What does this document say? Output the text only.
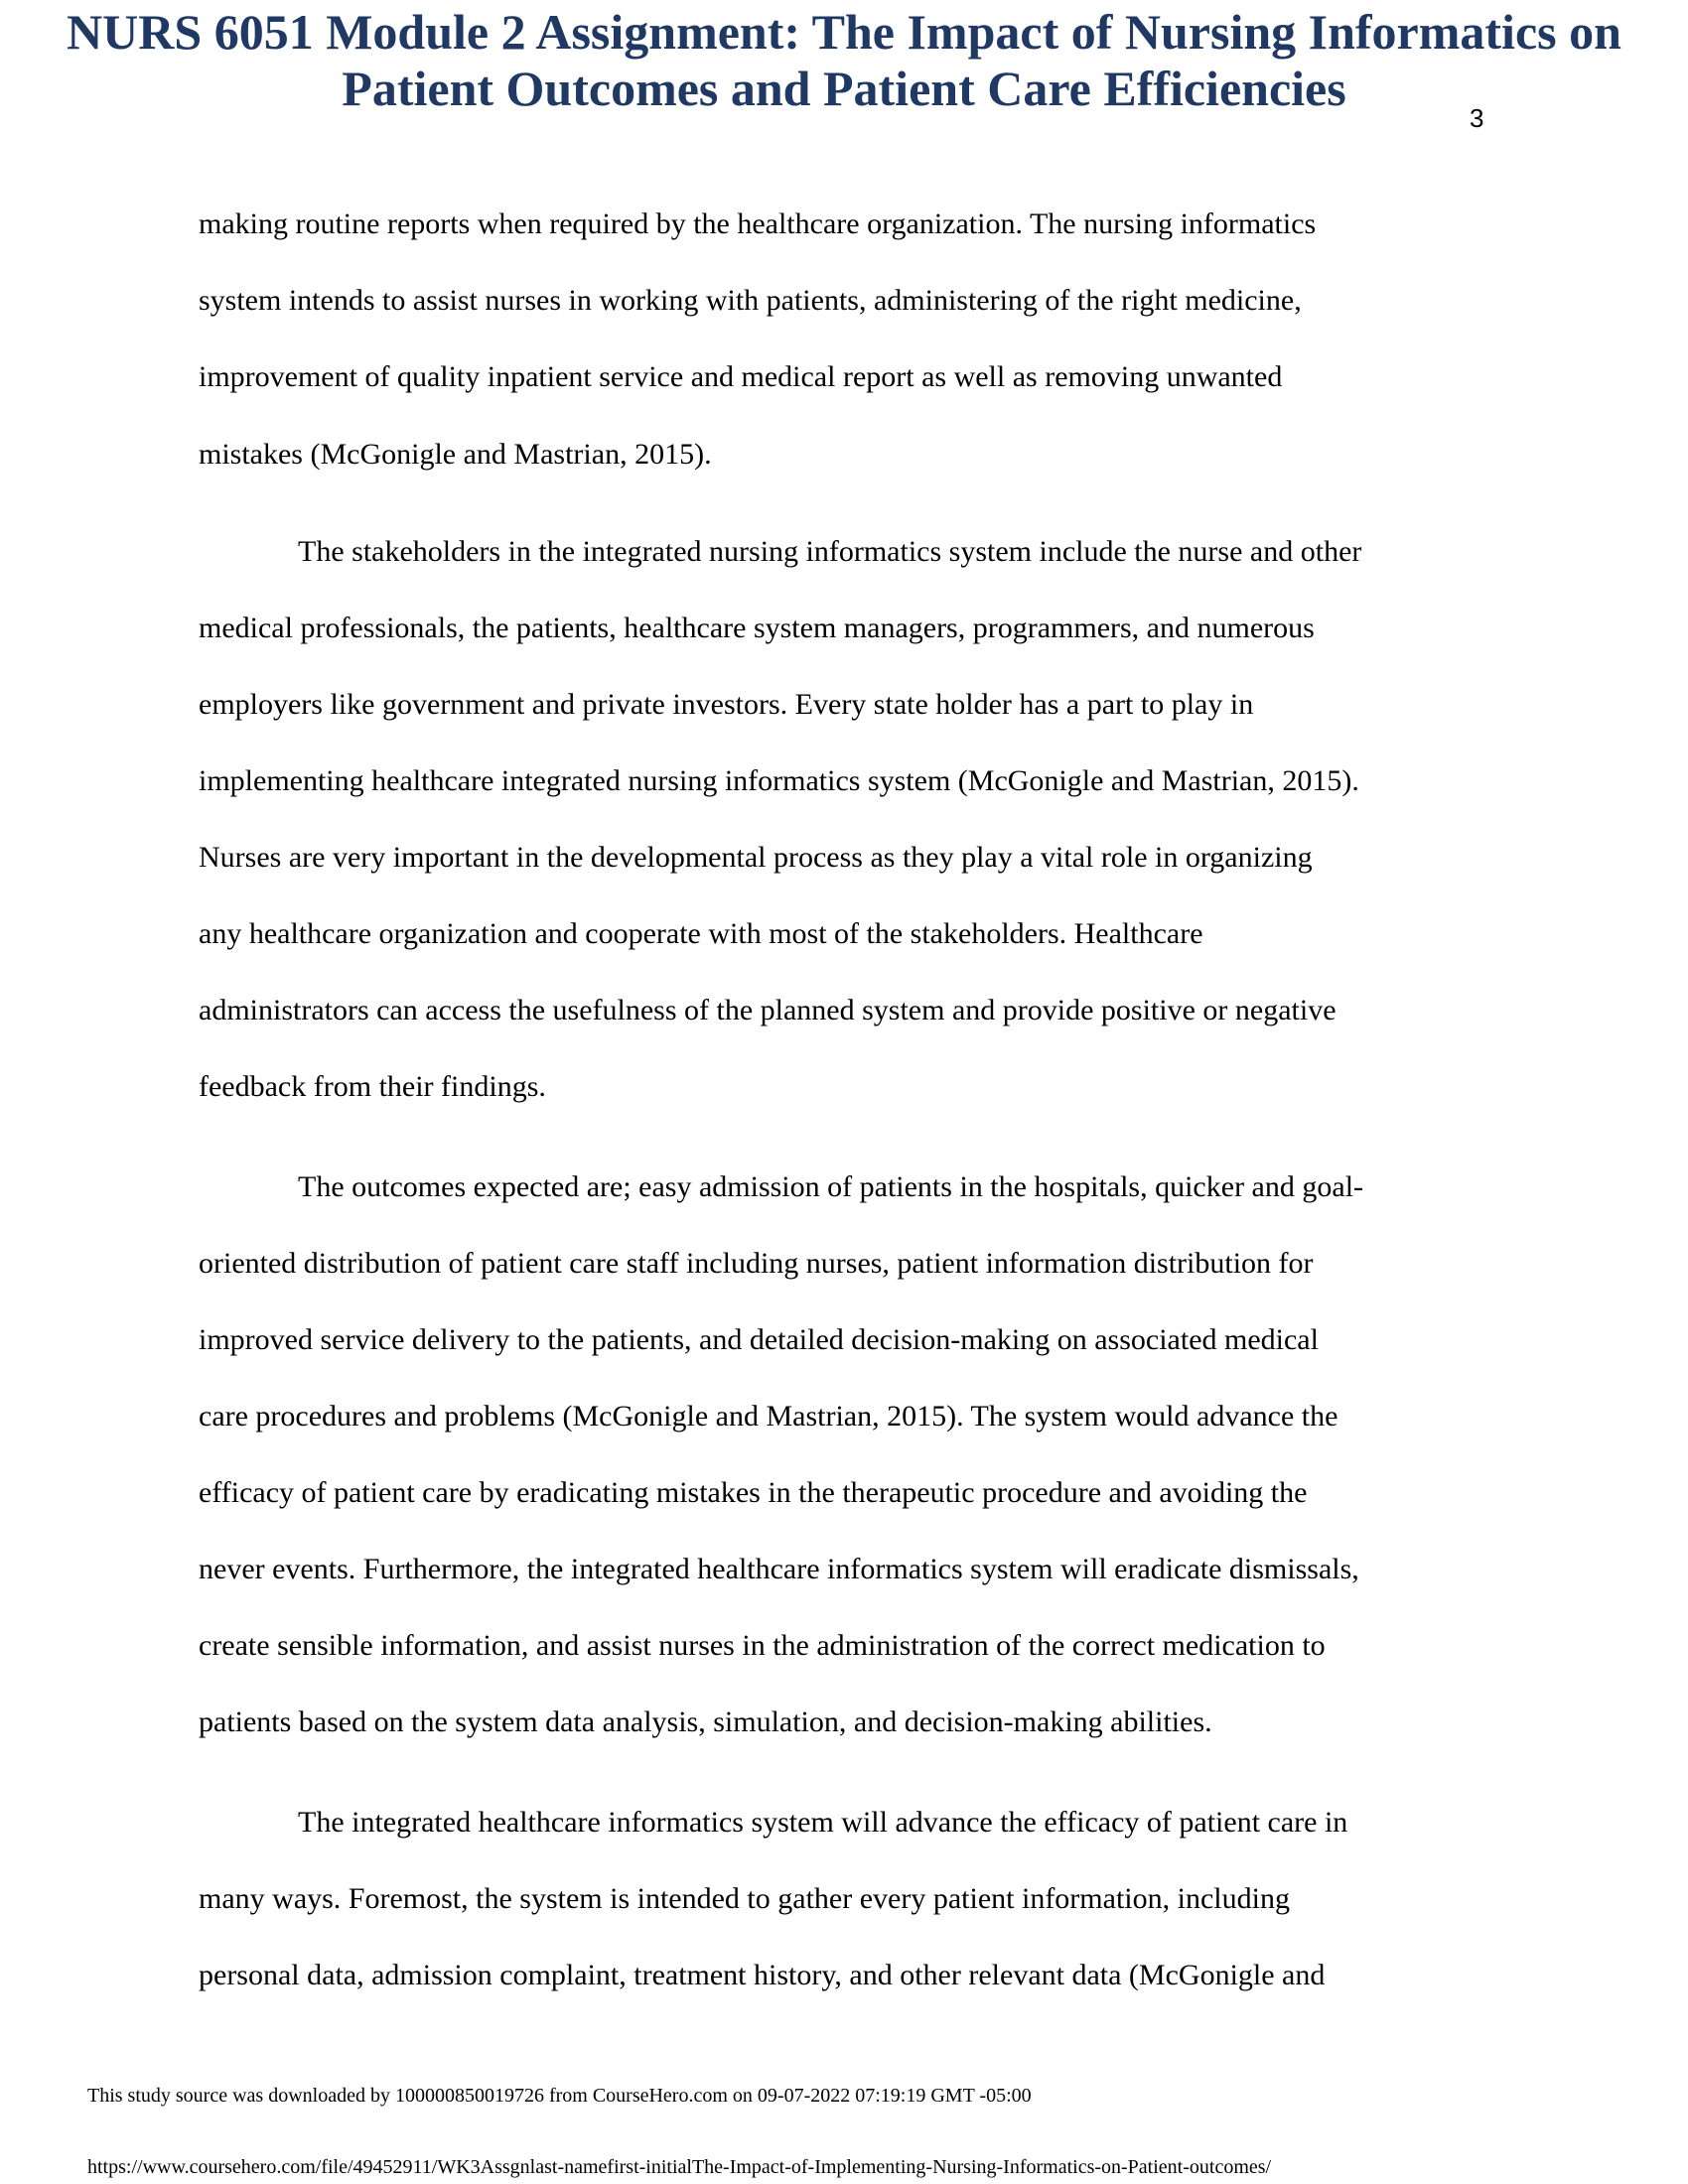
NURS 6051 Module 2 Assignment: The Impact of Nursing Informatics on
Patient Outcomes and Patient Care Efficiencies
3
making routine reports when required by the healthcare organization. The nursing informatics
system intends to assist nurses in working with patients, administering of the right medicine,
improvement of quality inpatient service and medical report as well as removing unwanted
mistakes (McGonigle and Mastrian, 2015).
The stakeholders in the integrated nursing informatics system include the nurse and other
medical professionals, the patients, healthcare system managers, programmers, and numerous
employers like government and private investors. Every state holder has a part to play in
implementing healthcare integrated nursing informatics system (McGonigle and Mastrian, 2015).
Nurses are very important in the developmental process as they play a vital role in organizing
any healthcare organization and cooperate with most of the stakeholders. Healthcare
administrators can access the usefulness of the planned system and provide positive or negative
feedback from their findings.
The outcomes expected are; easy admission of patients in the hospitals, quicker and goal-
oriented distribution of patient care staff including nurses, patient information distribution for
improved service delivery to the patients, and detailed decision-making on associated medical
care procedures and problems (McGonigle and Mastrian, 2015). The system would advance the
efficacy of patient care by eradicating mistakes in the therapeutic procedure and avoiding the
never events. Furthermore, the integrated healthcare informatics system will eradicate dismissals,
create sensible information, and assist nurses in the administration of the correct medication to
patients based on the system data analysis, simulation, and decision-making abilities.
The integrated healthcare informatics system will advance the efficacy of patient care in
many ways. Foremost, the system is intended to gather every patient information, including
personal data, admission complaint, treatment history, and other relevant data (McGonigle and
This study source was downloaded by 100000850019726 from CourseHero.com on 09-07-2022 07:19:19 GMT -05:00
https://www.coursehero.com/file/49452911/WK3Assgnlast-namefirst-initialThe-Impact-of-Implementing-Nursing-Informatics-on-Patient-outcomes/
